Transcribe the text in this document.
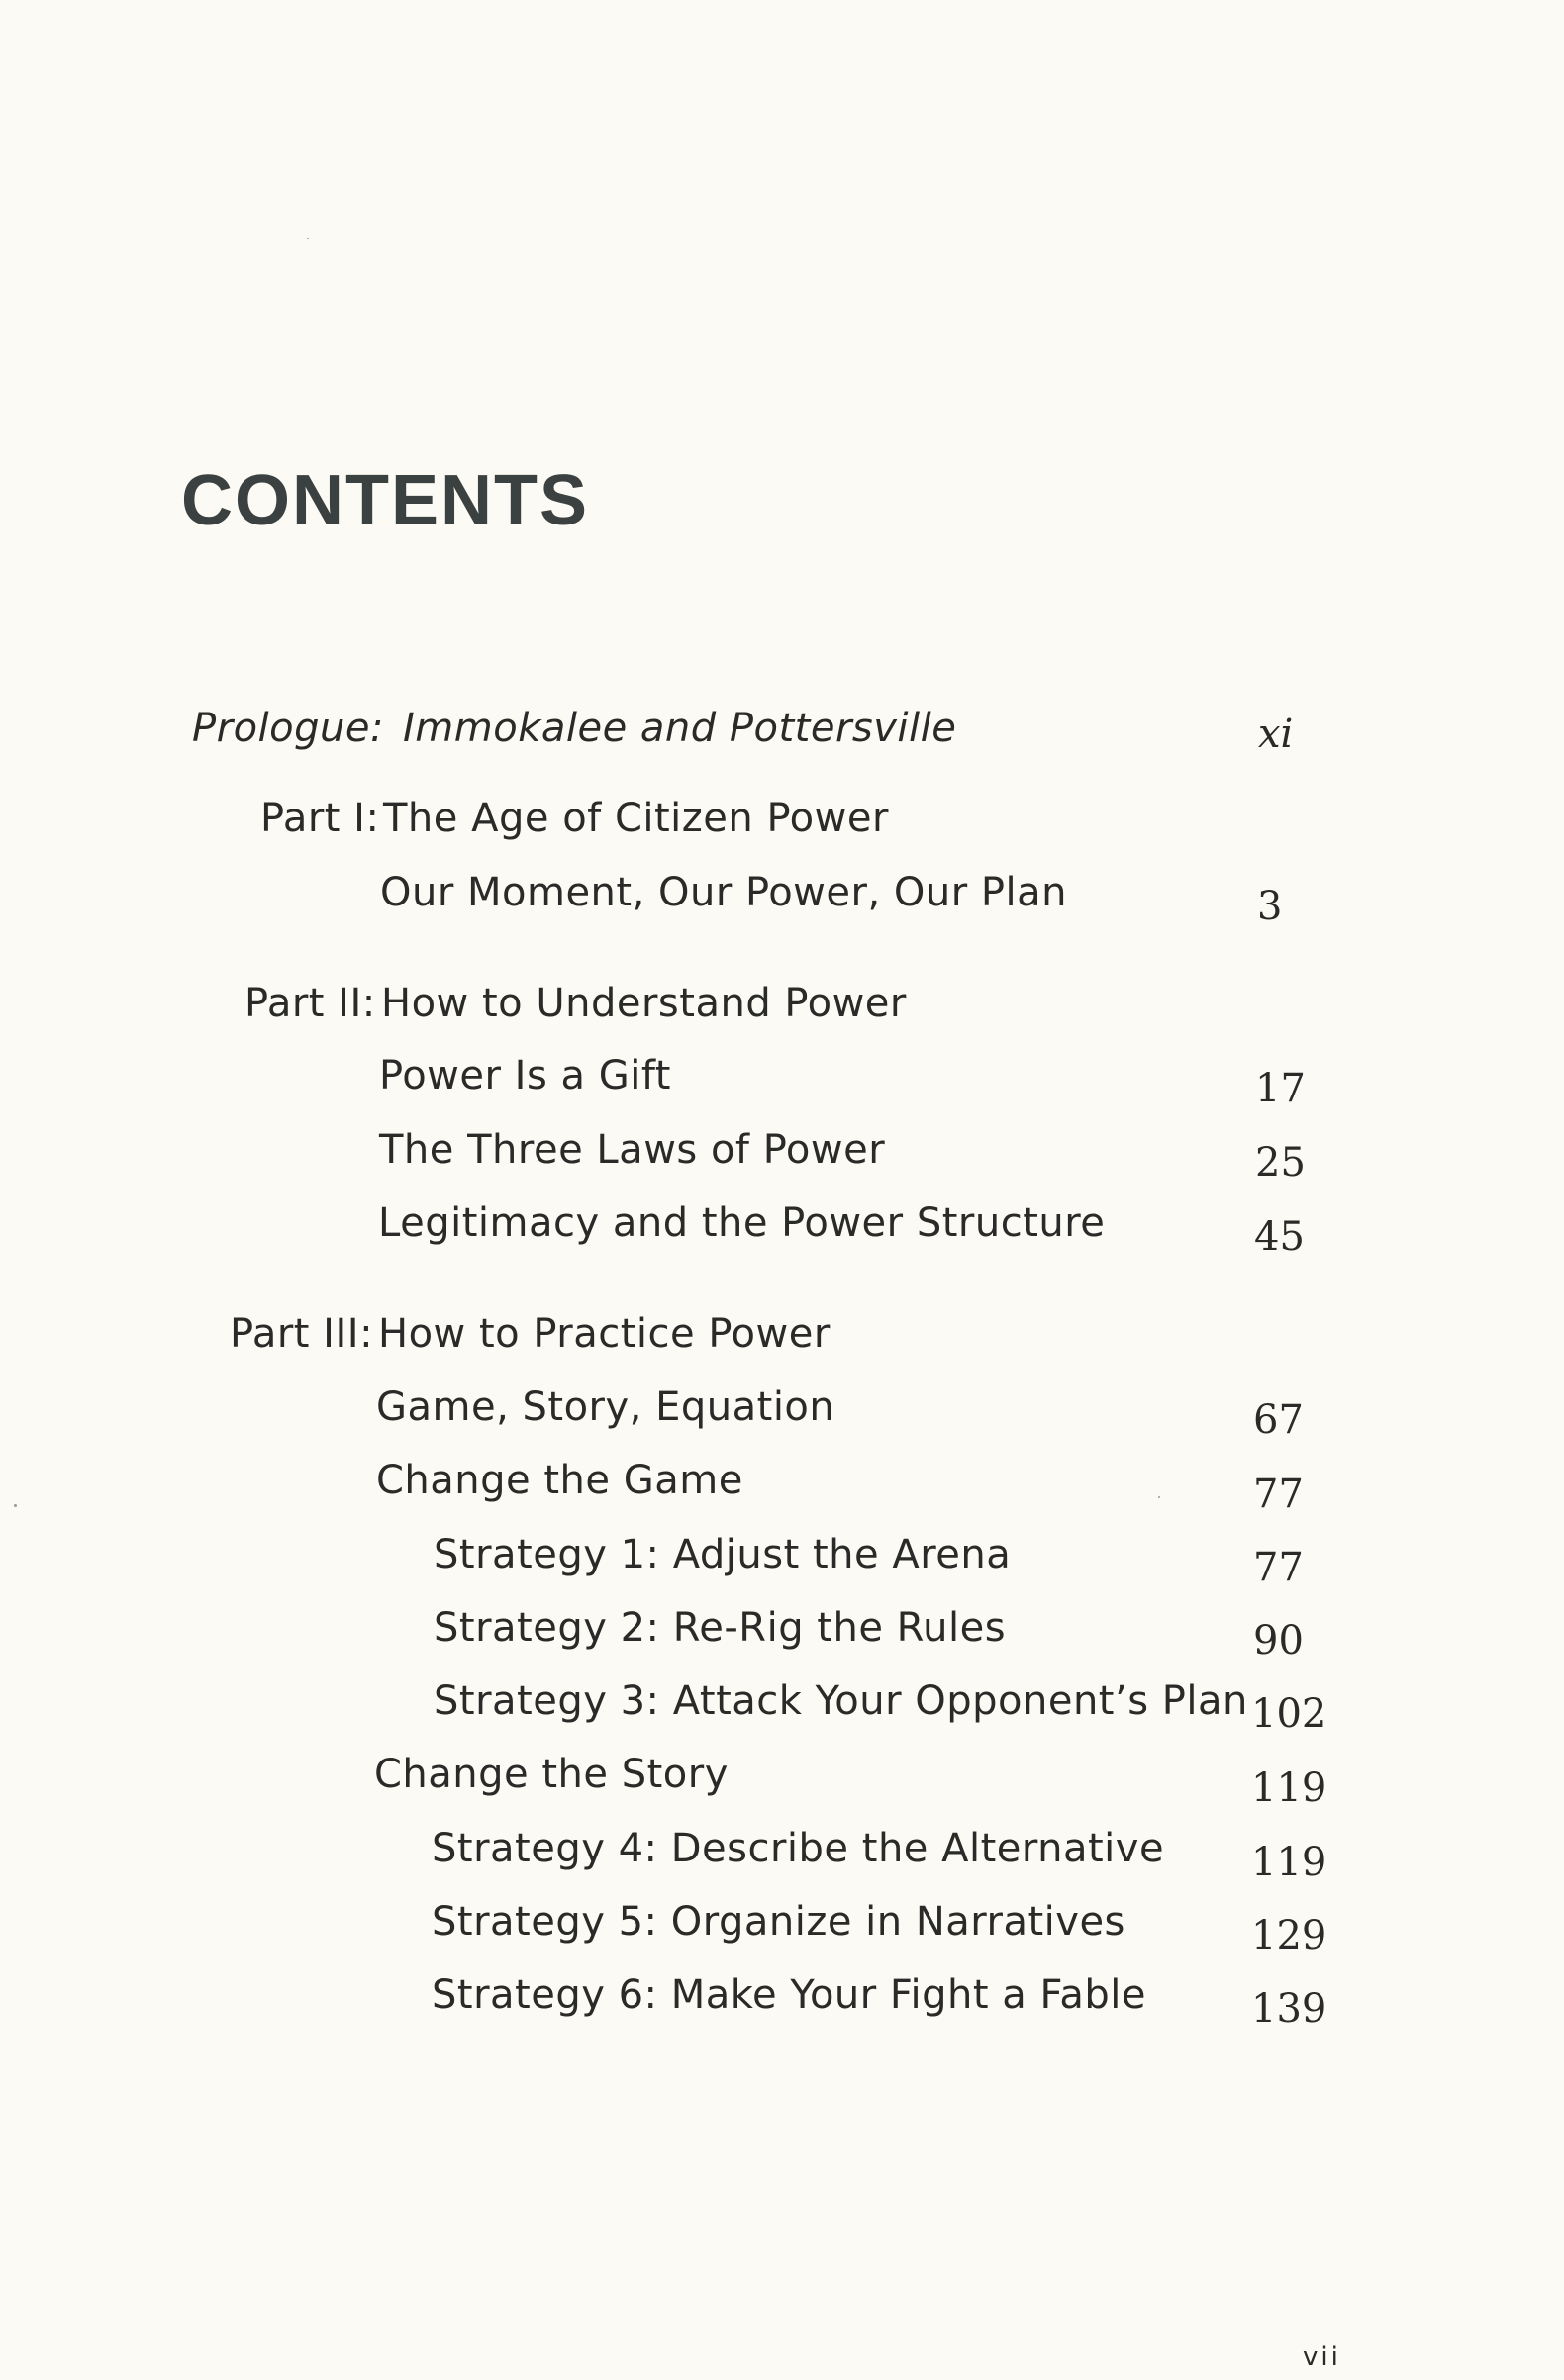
CONTENTS
Prologue: Immokalee and Pottersville	xi
Part I: The Age of Citizen Power
Our Moment, Our Power, Our Plan	3
Part II: How to Understand Power
Power Is a Gift	17
The Three Laws of Power	25
Legitimacy and the Power Structure	45
Part III: How to Practice Power
Game, Story, Equation	67
Change the Game	77
Strategy 1: Adjust the Arena	77
Strategy 2: Re-Rig the Rules	90
Strategy 3: Attack Your Opponent’s Plan 102
Change the Story	119
Strategy 4: Describe the Alternative 119
Strategy 5: Organize in Narratives	129
Strategy 6: Make Your Fight a Fable	139
vii
